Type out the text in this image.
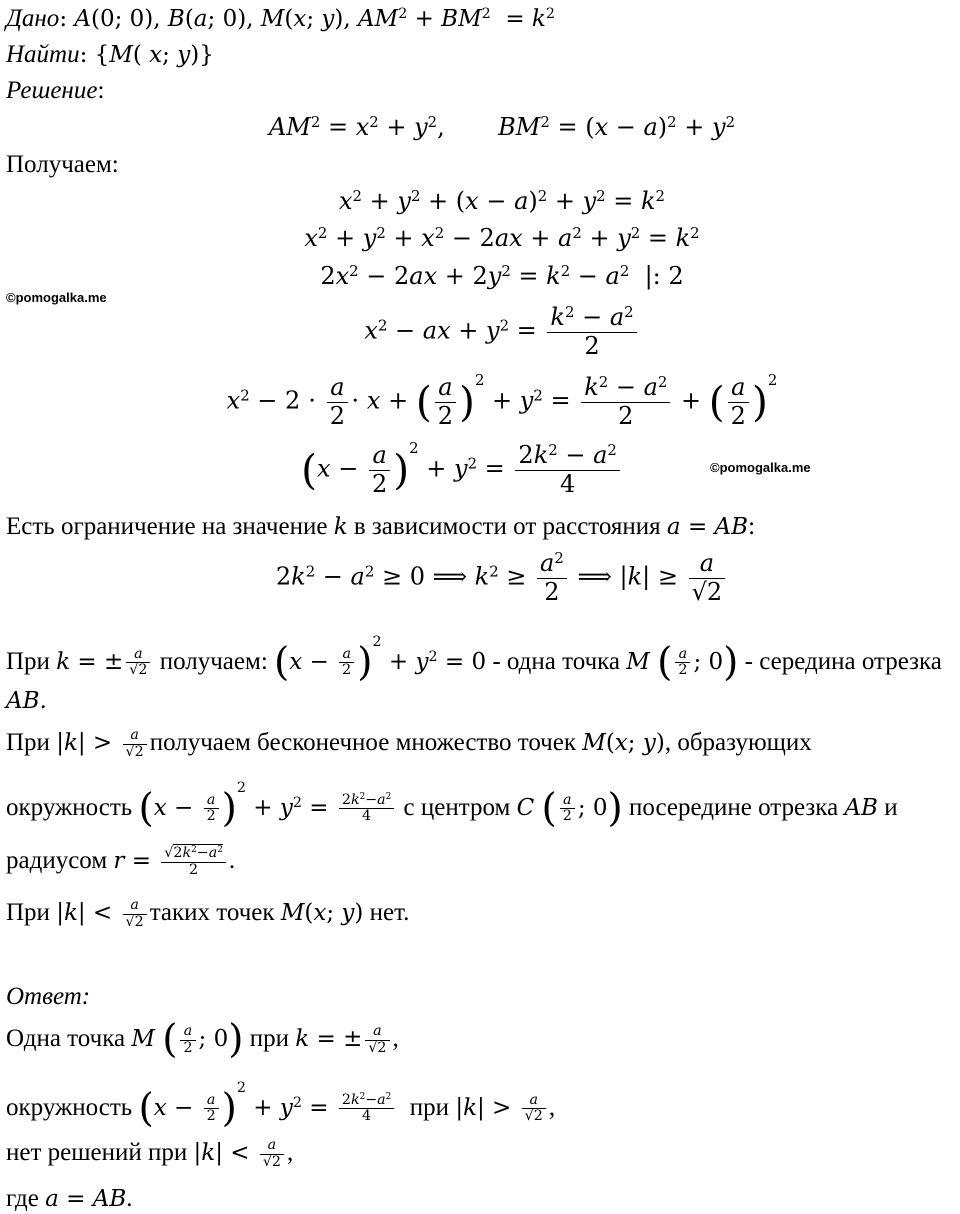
Дано: A(0; 0), B(a; 0), M(x; y), $AM^2 + BM^2 = k^2$
Найти: {M( x; y)}
Решение:
$AM^2 = x^2 + y^2$,       $BM^2 = (x - a)^2 + y^2$
Получаем:
$x^2 + y^2 + (x - a)^2 + y^2 = k^2$
$x^2 + y^2 + x^2 - 2ax + a^2 + y^2 = k^2$
$2x^2 - 2ax + 2y^2 = k^2 - a^2$  |: 2
©pomogalka.me
$x^2$ − ax + $y^2 = \frac{k^2 - a^2}{2}$
$x^2 - 2 \cdot \frac{a}{2} \cdot x$ + ( $\frac{a}{2} )^2 + y^2 = \frac{k^2 - a^2}{2}$ + ( $\frac{a}{2} )^2$
$(x - \frac{a}{2} )^2 + y^2 = \frac{2k^2 - a^2}{4}$	©pomogalka.me
Есть ограничение на значение k в зависимости от расстояния a = AB:
$2k^2 - a^2 \ge 0$ ⟹ $k^2 \ge \frac{a^2}{2}$ ⟹ $|k| \ge \frac{a}{√2}$
При k = ± $\frac{a}{√2}$ получаем: $(x - \frac{a}{2} )^2 + y^2 = 0$ - одна точка M ( $\frac{a}{2}$ ; 0) - середина отрезка
AB.
При $|k| > \frac{a}{√2}$ получаем бесконечное множество точек M(x; y), образующих
окружность $(x - \frac{a}{2} )^2 + y^2 = \frac{2k^2-a^2}{4}$ с центром C ( $\frac{a}{2}$ ; 0) посередине отрезка AB и
радиусом $r = \frac{√2k^2-a^2}{2}$ .
При $|k| < \frac{a}{√2}$ таких точек M(x; y) нет.
Ответ:
Одна точка M ( $\frac{a}{2}$ ; 0) при k = ± $\frac{a}{√2}$ ,
окружность $(x - \frac{a}{2} )^2 + y^2 = \frac{2k^2-a^2}{4}$ при $|k| > \frac{a}{√2}$ ,
нет решений при $|k| < \frac{a}{√2}$ ,
где a = AB.
